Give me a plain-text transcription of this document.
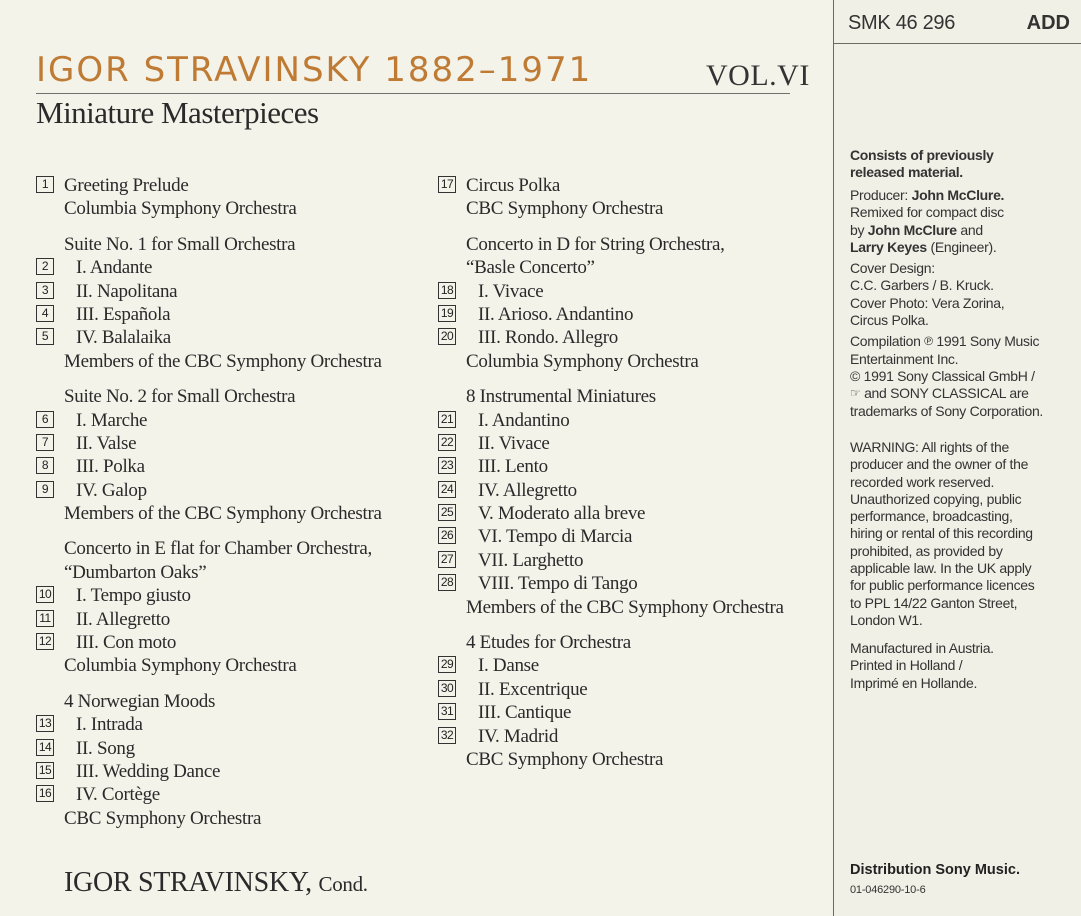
SMK 46 296	ADD
IGOR STRAVINSKY 1882–1971	VOL.VI
Miniature Masterpieces
1 Greeting Prelude
Columbia Symphony Orchestra
Suite No. 1 for Small Orchestra
2	I. Andante
3	II. Napolitana
4	III. Española
5	IV. Balalaika
Members of the CBC Symphony Orchestra
Suite No. 2 for Small Orchestra
6	I. Marche
7	II. Valse
8	III. Polka
9	IV. Galop
Members of the CBC Symphony Orchestra
Concerto in E flat for Chamber Orchestra,
“Dumbarton Oaks”
10 I. Tempo giusto
11 II. Allegretto
12 III. Con moto
Columbia Symphony Orchestra
4 Norwegian Moods
13 I. Intrada
14 II. Song
15 III. Wedding Dance
16 IV. Cortège
CBC Symphony Orchestra
17 Circus Polka
CBC Symphony Orchestra
Concerto in D for String Orchestra,
“Basle Concerto”
18 I. Vivace
19 II. Arioso. Andantino
20 III. Rondo. Allegro
Columbia Symphony Orchestra
8 Instrumental Miniatures
21 I. Andantino
22 II. Vivace
23 III. Lento
24 IV. Allegretto
25 V. Moderato alla breve
26 VI. Tempo di Marcia
27 VII. Larghetto
28 VIII. Tempo di Tango
Members of the CBC Symphony Orchestra
4 Etudes for Orchestra
29 I. Danse
30 II. Excentrique
31 III. Cantique
32 IV. Madrid
CBC Symphony Orchestra
IGOR STRAVINSKY, Cond.
Consists of previously
released material.
Producer: John McClure.
Remixed for compact disc
by John McClure and
Larry Keyes (Engineer).
Cover Design:
C.C. Garbers / B. Kruck.
Cover Photo: Vera Zorina,
Circus Polka.
Compilation ℗ 1991 Sony Music
Entertainment Inc.
© 1991 Sony Classical GmbH /
☞ and SONY CLASSICAL are
trademarks of Sony Corporation.
WARNING: All rights of the
producer and the owner of the
recorded work reserved.
Unauthorized copying, public
performance, broadcasting,
hiring or rental of this recording
prohibited, as provided by
applicable law. In the UK apply
for public performance licences
to PPL 14/22 Ganton Street,
London W1.
Manufactured in Austria.
Printed in Holland /
Imprimé en Hollande.
Distribution Sony Music.
01-046290-10-6
